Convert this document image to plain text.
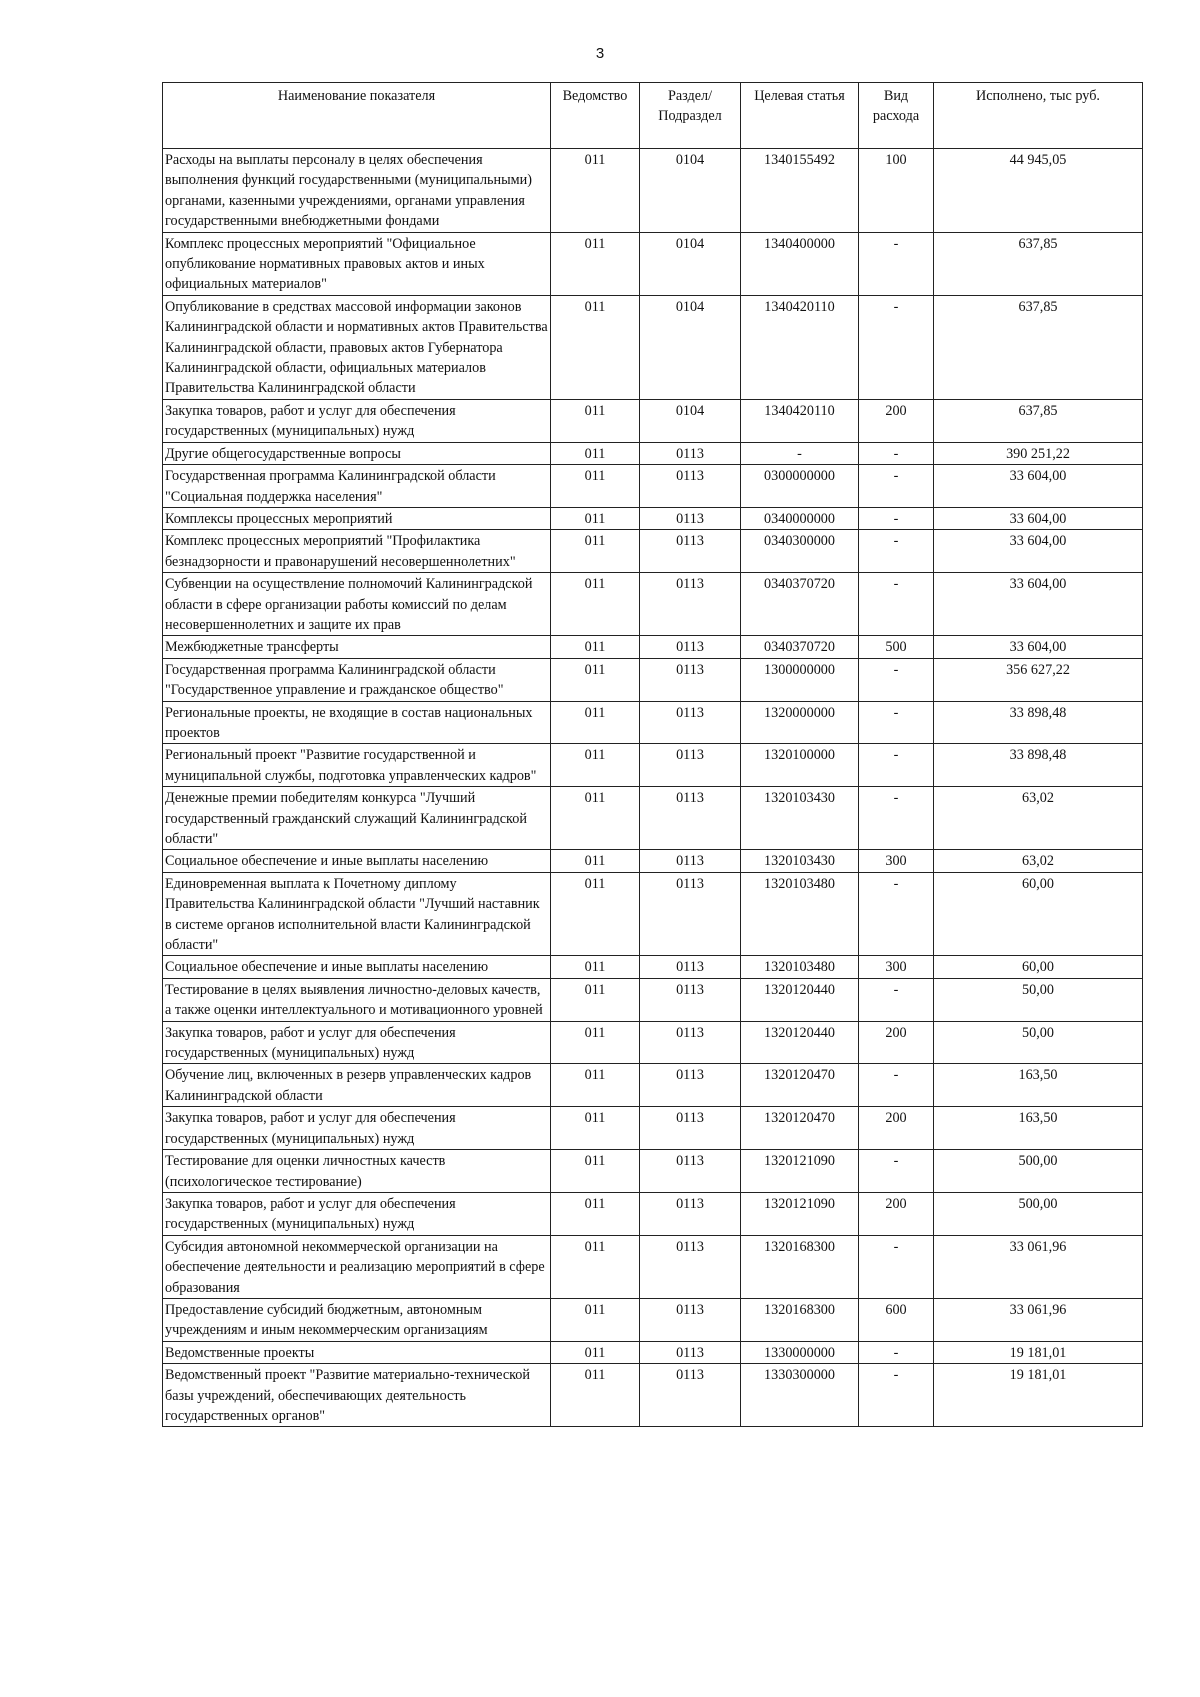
3
Наименование показателя	Ведомство	Раздел/ Подраздел	Целевая статья	Вид расхода	Исполнено, тыс руб.
Расходы на выплаты персоналу в целях обеспечения выполнения функций государственными (муниципальными) органами, казенными учреждениями, органами управления государственными внебюджетными фондами	011	0104	1340155492	100	44 945,05
Комплекс процессных мероприятий "Официальное опубликование нормативных правовых актов и иных официальных материалов"	011	0104	1340400000	-	637,85
Опубликование в средствах массовой информации законов Калининградской области и нормативных актов Правительства Калининградской области, правовых актов Губернатора Калининградской области, официальных материалов Правительства Калининградской области	011	0104	1340420110	-	637,85
Закупка товаров, работ и услуг для обеспечения государственных (муниципальных) нужд	011	0104	1340420110	200	637,85
Другие общегосударственные вопросы	011	0113	-	-	390 251,22
Государственная программа Калининградской области "Социальная поддержка населения"	011	0113	0300000000	-	33 604,00
Комплексы процессных мероприятий	011	0113	0340000000	-	33 604,00
Комплекс процессных мероприятий "Профилактика безнадзорности и правонарушений несовершеннолетних"	011	0113	0340300000	-	33 604,00
Субвенции на осуществление полномочий Калининградской области в сфере организации работы комиссий по делам несовершеннолетних и защите их прав	011	0113	0340370720	-	33 604,00
Межбюджетные трансферты	011	0113	0340370720	500	33 604,00
Государственная программа Калининградской области "Государственное управление и гражданское общество"	011	0113	1300000000	-	356 627,22
Региональные проекты, не входящие в состав национальных проектов	011	0113	1320000000	-	33 898,48
Региональный проект "Развитие государственной и муниципальной службы, подготовка управленческих кадров"	011	0113	1320100000	-	33 898,48
Денежные премии победителям конкурса "Лучший государственный гражданский служащий Калининградской области"	011	0113	1320103430	-	63,02
Социальное обеспечение и иные выплаты населению	011	0113	1320103430	300	63,02
Единовременная выплата к Почетному диплому Правительства Калининградской области "Лучший наставник в системе органов исполнительной власти Калининградской области"	011	0113	1320103480	-	60,00
Социальное обеспечение и иные выплаты населению	011	0113	1320103480	300	60,00
Тестирование в целях выявления личностно-деловых качеств, а также оценки интеллектуального и мотивационного уровней	011	0113	1320120440	-	50,00
Закупка товаров, работ и услуг для обеспечения государственных (муниципальных) нужд	011	0113	1320120440	200	50,00
Обучение лиц, включенных в резерв управленческих кадров Калининградской области	011	0113	1320120470	-	163,50
Закупка товаров, работ и услуг для обеспечения государственных (муниципальных) нужд	011	0113	1320120470	200	163,50
Тестирование для оценки личностных качеств (психологическое тестирование)	011	0113	1320121090	-	500,00
Закупка товаров, работ и услуг для обеспечения государственных (муниципальных) нужд	011	0113	1320121090	200	500,00
Субсидия автономной некоммерческой организации на обеспечение деятельности и реализацию мероприятий в сфере образования	011	0113	1320168300	-	33 061,96
Предоставление субсидий бюджетным, автономным учреждениям и иным некоммерческим организациям	011	0113	1320168300	600	33 061,96
Ведомственные проекты	011	0113	1330000000	-	19 181,01
Ведомственный проект "Развитие материально-технической базы учреждений, обеспечивающих деятельность государственных органов"	011	0113	1330300000	-	19 181,01
